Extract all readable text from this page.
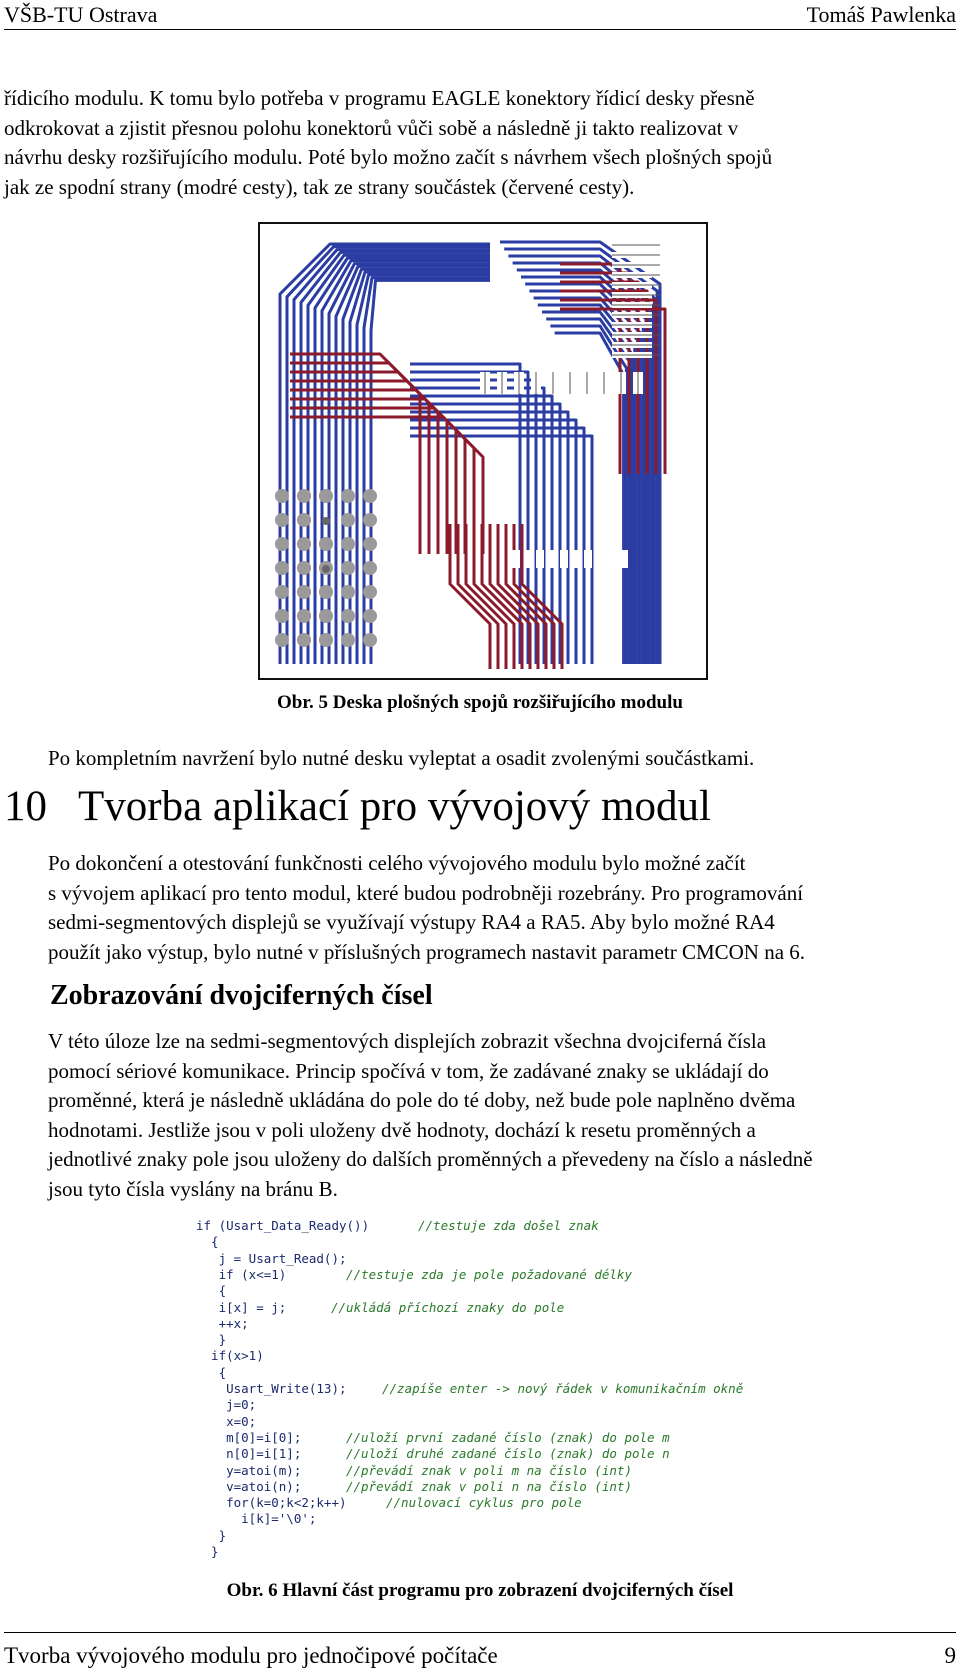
VŠB-TU Ostrava	Tomáš Pawlenka
řídicího modulu. K tomu bylo potřeba v programu EAGLE konektory řídicí desky přesně
odkrokovat a zjistit přesnou polohu konektorů vůči sobě a následně ji takto realizovat v
návrhu desky rozšiřujícího modulu. Poté bylo možno začít s návrhem všech plošných spojů
jak ze spodní strany (modré cesty), tak ze strany součástek (červené cesty).
Obr. 5 Deska plošných spojů rozšiřujícího modulu
Po kompletním navržení bylo nutné desku vyleptat a osadit zvolenými součástkami.
10 Tvorba aplikací pro vývojový modul
Po dokončení a otestování funkčnosti celého vývojového modulu bylo možné začít
s vývojem aplikací pro tento modul, které budou podrobněji rozebrány. Pro programování
sedmi-segmentových displejů se využívají výstupy RA4 a RA5. Aby bylo možné RA4
použít jako výstup, bylo nutné v příslušných programech nastavit parametr CMCON na 6.
Zobrazování dvojciferných čísel
V této úloze lze na sedmi-segmentových displejích zobrazit všechna dvojciferná čísla
pomocí sériové komunikace. Princip spočívá v tom, že zadávané znaky se ukládají do
proměnné, která je následně ukládána do pole do té doby, než bude pole naplněno dvěma
hodnotami. Jestliže jsou v poli uloženy dvě hodnoty, dochází k resetu proměnných a
jednotlivé znaky pole jsou uloženy do dalších proměnných a převedeny na číslo a následně
jsou tyto čísla vyslány na bránu B.
if (Usart_Data_Ready())	//testuje zda došel znak
{
j = Usart_Read();
if (x<=1)	//testuje zda je pole požadované délky
{
i[x] = j;	//ukládá příchozí znaky do pole
++x;
}
if(x>1)
{
Usart_Write(13);	//zapíše enter -> nový řádek v komunikačním okně
j=0;
x=0;
m[0]=i[0];	//uloží první zadané číslo (znak) do pole m
n[0]=i[1];	//uloží druhé zadané číslo (znak) do pole n
y=atoi(m);	//převádí znak v poli m na číslo (int)
v=atoi(n);	//převádí znak v poli n na číslo (int)
for(k=0;k<2;k++)	//nulovací cyklus pro pole
i[k]='\0';
}
}
Obr. 6 Hlavní část programu pro zobrazení dvojciferných čísel
Tvorba vývojového modulu pro jednočipové počítače	9
